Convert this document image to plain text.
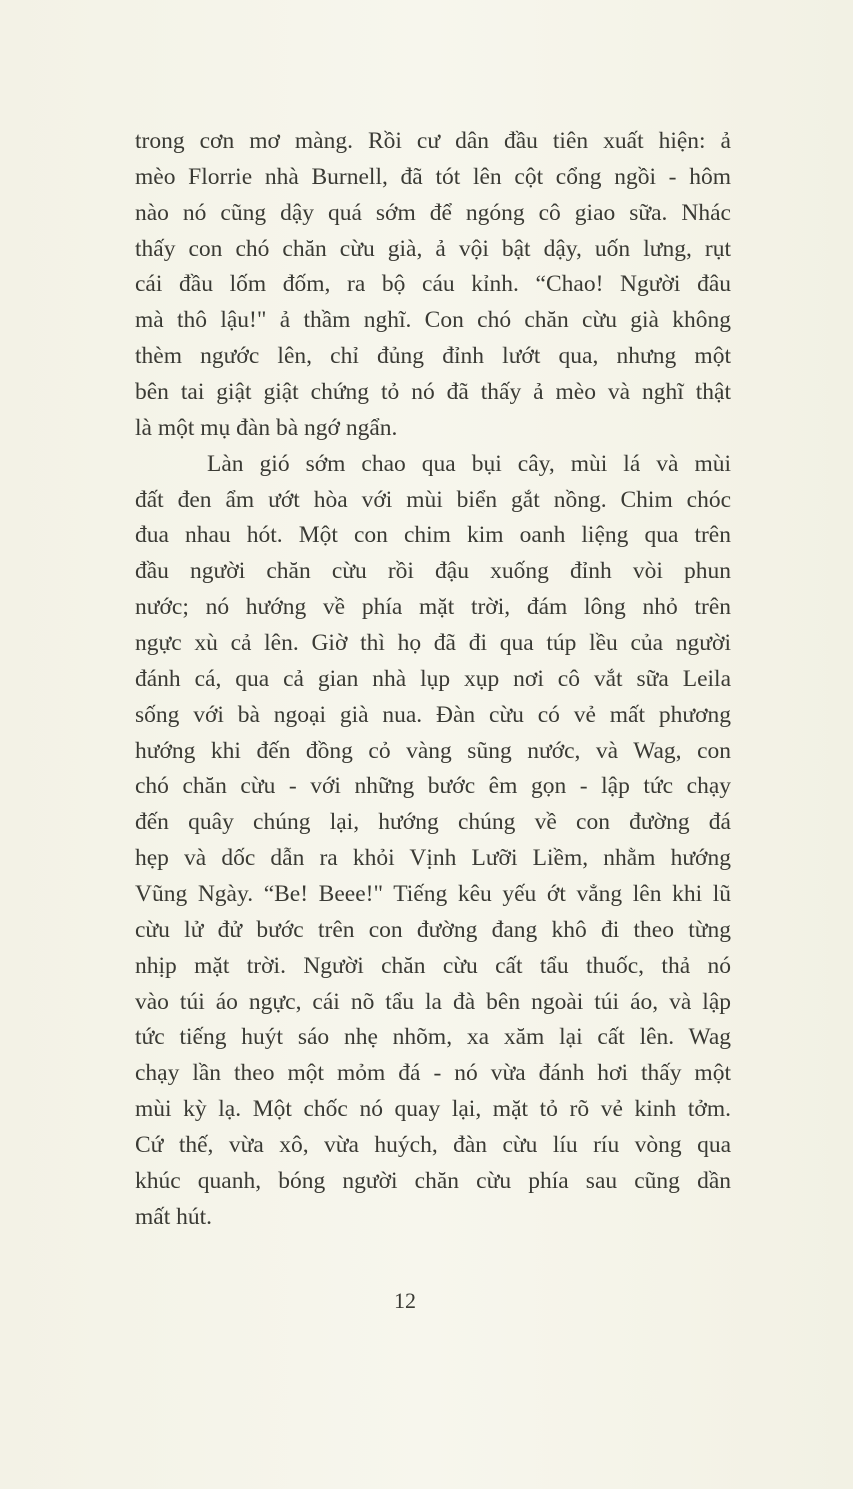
trong cơn mơ màng. Rồi cư dân đầu tiên xuất hiện: ả
mèo Florrie nhà Burnell, đã tót lên cột cổng ngồi - hôm
nào nó cũng dậy quá sớm để ngóng cô giao sữa. Nhác
thấy con chó chăn cừu già, ả vội bật dậy, uốn lưng, rụt
cái đầu lốm đốm, ra bộ cáu kỉnh. “Chao! Người đâu
mà thô lậu!" ả thầm nghĩ. Con chó chăn cừu già không
thèm ngước lên, chỉ đủng đỉnh lướt qua, nhưng một
bên tai giật giật chứng tỏ nó đã thấy ả mèo và nghĩ thật
là một mụ đàn bà ngớ ngẩn.
Làn gió sớm chao qua bụi cây, mùi lá và mùi
đất đen ẩm ướt hòa với mùi biển gắt nồng. Chim chóc
đua nhau hót. Một con chim kim oanh liệng qua trên
đầu người chăn cừu rồi đậu xuống đỉnh vòi phun
nước; nó hướng về phía mặt trời, đám lông nhỏ trên
ngực xù cả lên. Giờ thì họ đã đi qua túp lều của người
đánh cá, qua cả gian nhà lụp xụp nơi cô vắt sữa Leila
sống với bà ngoại già nua. Đàn cừu có vẻ mất phương
hướng khi đến đồng cỏ vàng sũng nước, và Wag, con
chó chăn cừu - với những bước êm gọn - lập tức chạy
đến quây chúng lại, hướng chúng về con đường đá
hẹp và dốc dẫn ra khỏi Vịnh Lưỡi Liềm, nhằm hướng
Vũng Ngày. “Be! Beee!" Tiếng kêu yếu ớt vẳng lên khi lũ
cừu lử đử bước trên con đường đang khô đi theo từng
nhịp mặt trời. Người chăn cừu cất tẩu thuốc, thả nó
vào túi áo ngực, cái nõ tẩu la đà bên ngoài túi áo, và lập
tức tiếng huýt sáo nhẹ nhõm, xa xăm lại cất lên. Wag
chạy lần theo một mỏm đá - nó vừa đánh hơi thấy một
mùi kỳ lạ. Một chốc nó quay lại, mặt tỏ rõ vẻ kinh tởm.
Cứ thế, vừa xô, vừa huých, đàn cừu líu ríu vòng qua
khúc quanh, bóng người chăn cừu phía sau cũng dần
mất hút.
12
